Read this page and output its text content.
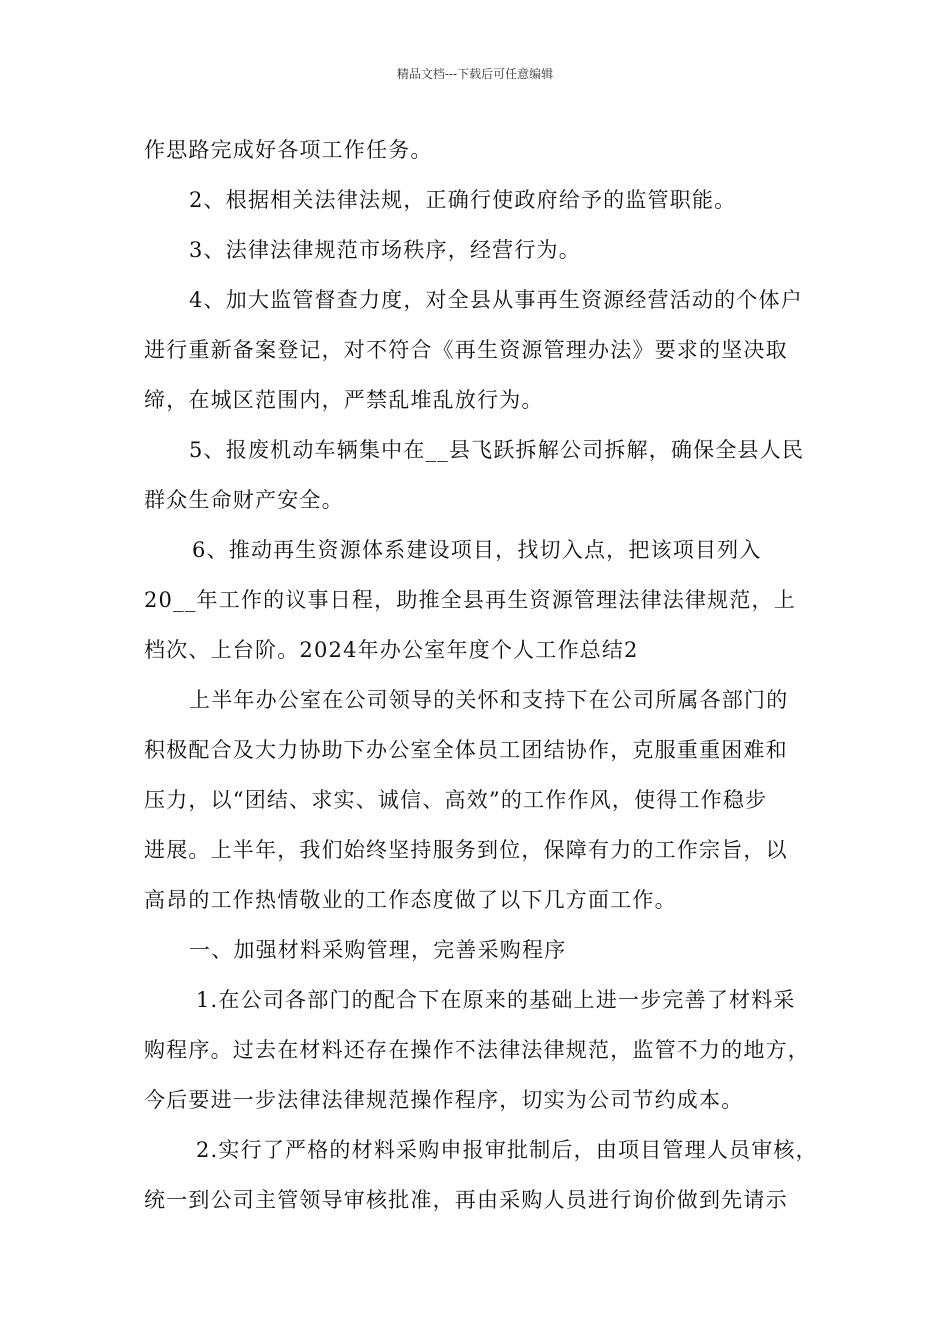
精品文档---下载后可任意编辑
作思路完成好各项工作任务。
2、根据相关法律法规，正确行使政府给予的监管职能。
3、法律法律规范市场秩序，经营行为。
4、加大监管督查力度，对全县从事再生资源经营活动的个体户
进行重新备案登记，对不符合《再生资源管理办法》要求的坚决取
缔，在城区范围内，严禁乱堆乱放行为。
5、报废机动车辆集中在__县飞跃拆解公司拆解，确保全县人民
群众生命财产安全。
6、推动再生资源体系建设项目，找切入点，把该项目列入
20__年工作的议事日程，助推全县再生资源管理法律法律规范，上
档次、上台阶。2024年办公室年度个人工作总结2
上半年办公室在公司领导的关怀和支持下在公司所属各部门的
积极配合及大力协助下办公室全体员工团结协作，克服重重困难和
压力，以“团结、求实、诚信、高效”的工作作风，使得工作稳步
进展。上半年，我们始终坚持服务到位，保障有力的工作宗旨，以
高昂的工作热情敬业的工作态度做了以下几方面工作。
一、加强材料采购管理，完善采购程序
1.在公司各部门的配合下在原来的基础上进一步完善了材料采
购程序。过去在材料还存在操作不法律法律规范，监管不力的地方，
今后要进一步法律法律规范操作程序，切实为公司节约成本。
2.实行了严格的材料采购申报审批制后，由项目管理人员审核，
统一到公司主管领导审核批准，再由采购人员进行询价做到先请示
